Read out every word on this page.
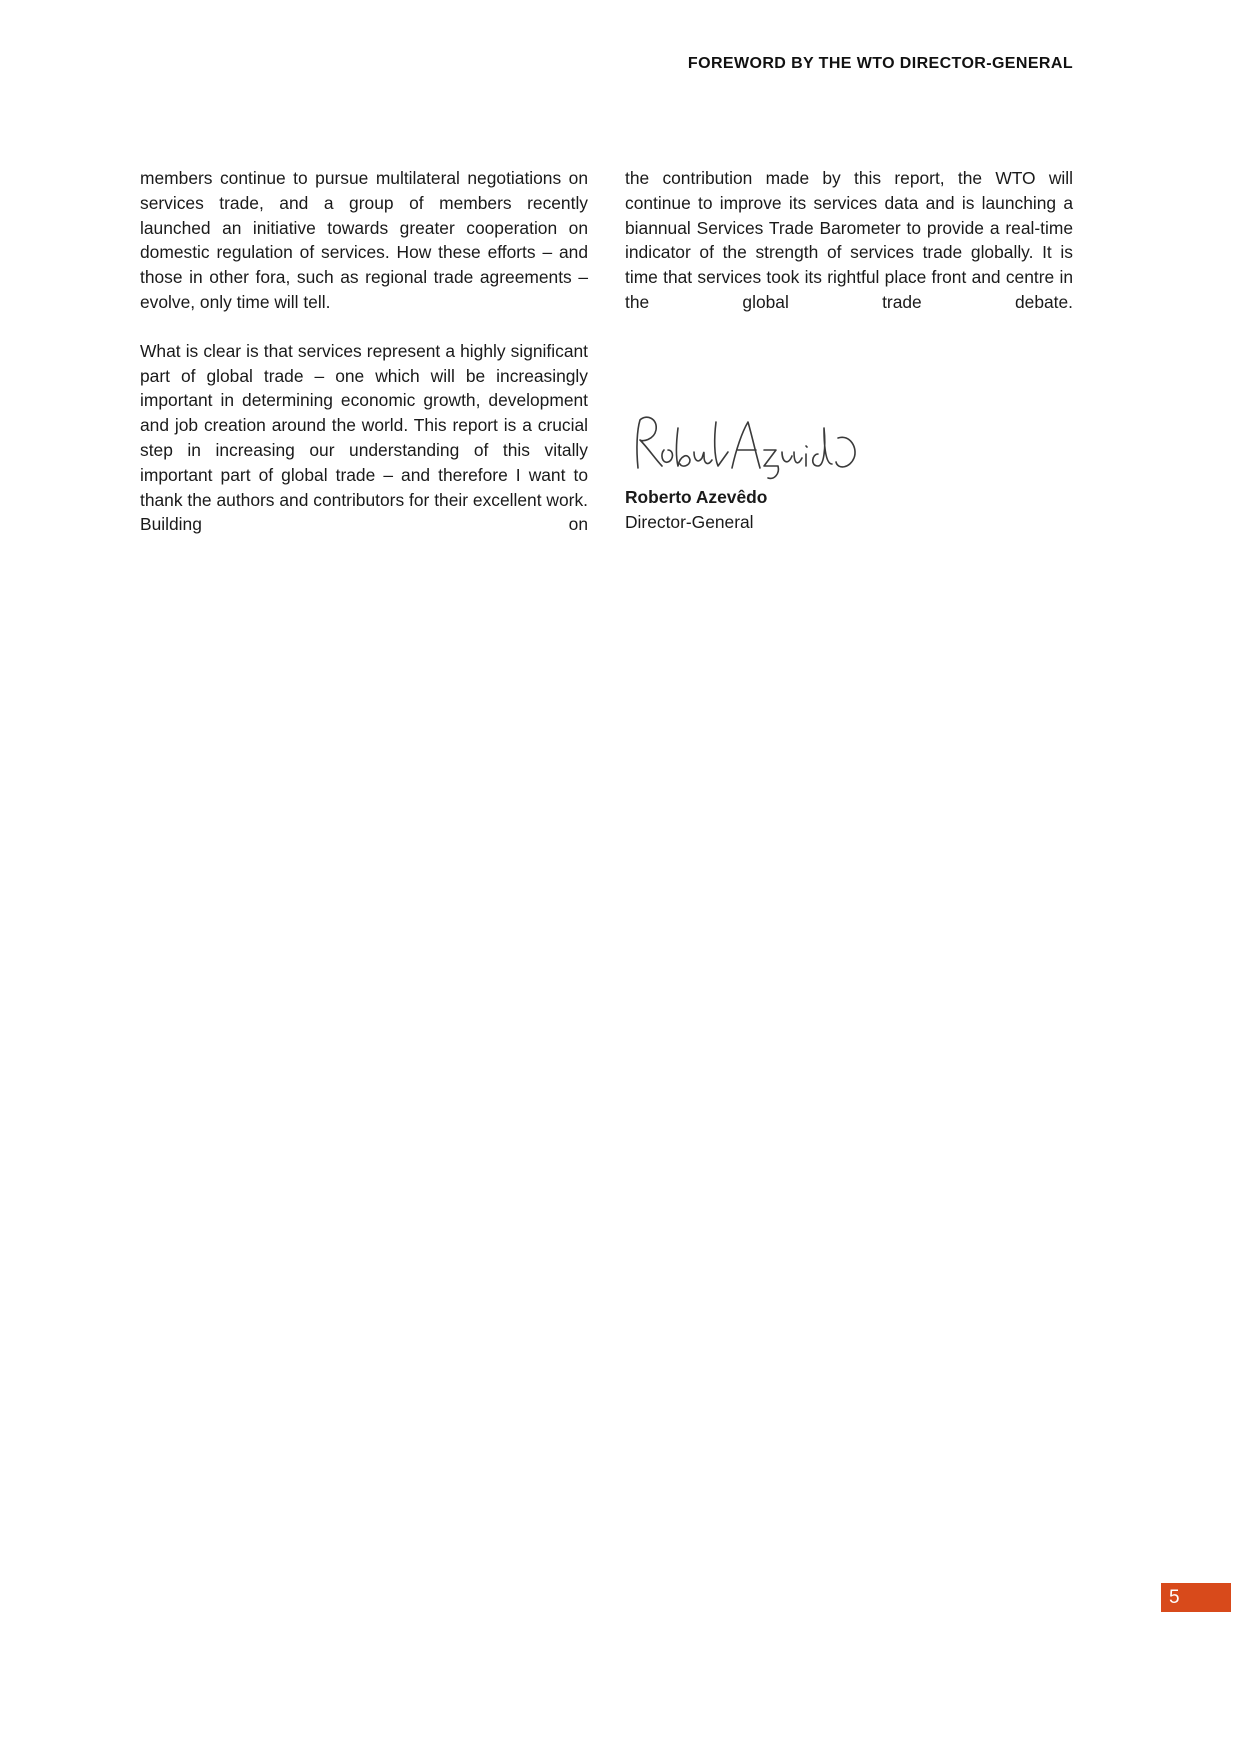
FOREWORD BY THE WTO DIRECTOR-GENERAL

members continue to pursue multilateral negotiations on services trade, and a group of members recently launched an initiative towards greater cooperation on domestic regulation of services. How these efforts – and those in other fora, such as regional trade agreements – evolve, only time will tell.

What is clear is that services represent a highly significant part of global trade – one which will be increasingly important in determining economic growth, development and job creation around the world. This report is a crucial step in increasing our understanding of this vitally important part of global trade – and therefore I want to thank the authors and contributors for their excellent work. Building on

the contribution made by this report, the WTO will continue to improve its services data and is launching a biannual Services Trade Barometer to provide a real-time indicator of the strength of services trade globally. It is time that services took its rightful place front and centre in the global trade debate.

Roberto Azevêdo
Director-General
5
